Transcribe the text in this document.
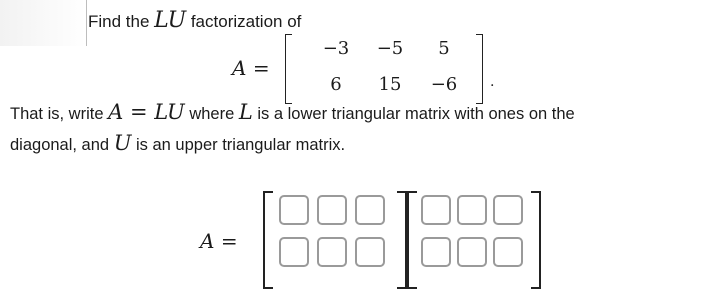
Find the LU factorization of
A =
−3	−5	5
6	15	−6	.
That is, write A = LU where L is a lower triangular matrix with ones on the
diagonal, and U is an upper triangular matrix.
A =
